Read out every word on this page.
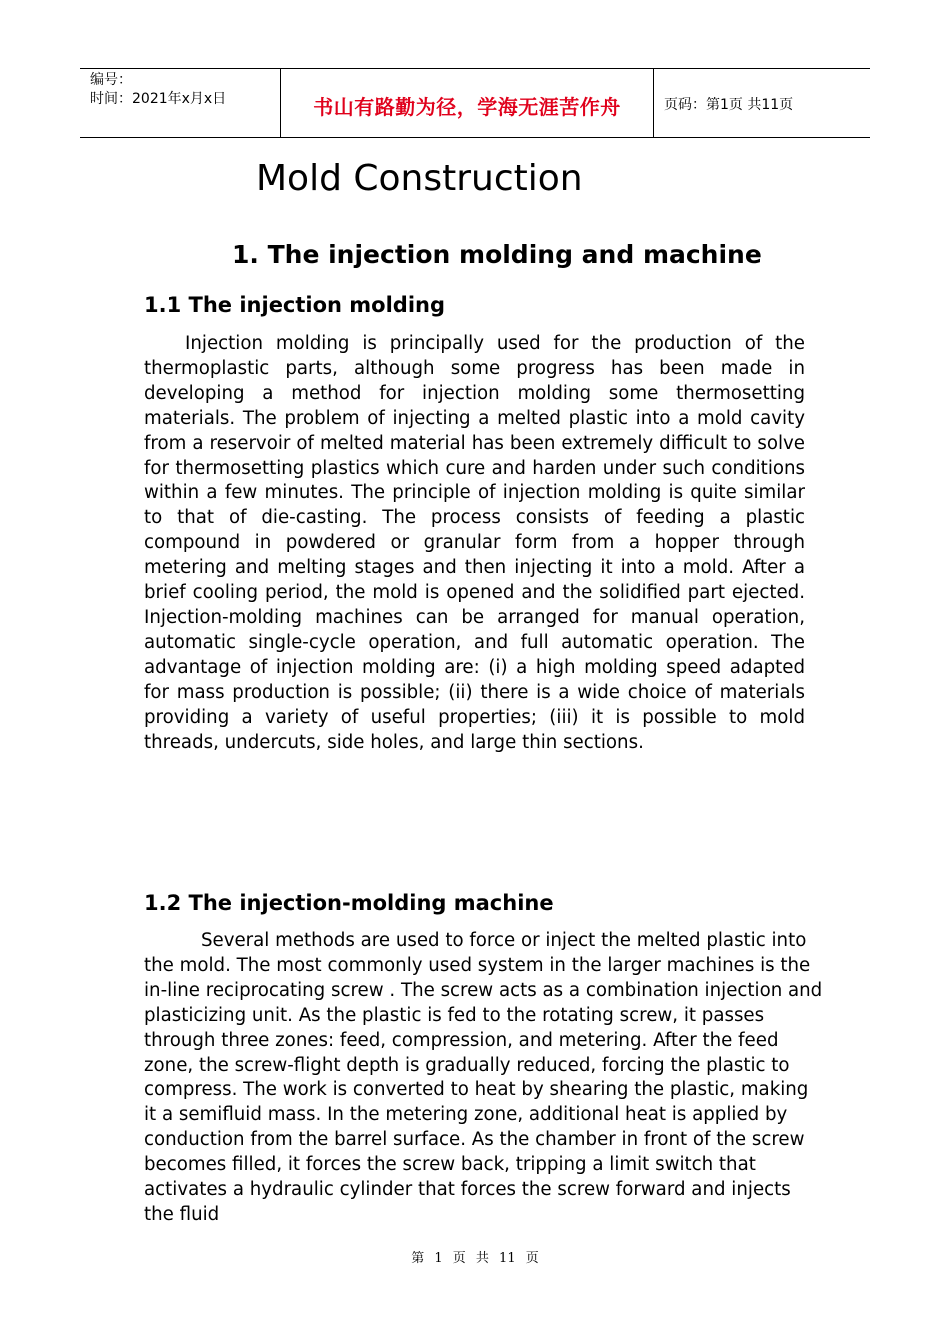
编号：
时间：2021年x月x日	书山有路勤为径，学海无涯苦作舟	页码：第1页 共11页
Mold Construction
1. The injection molding and machine
1.1 The injection molding

Injection molding is principally used for the production of the thermoplastic parts, although some progress has been made in developing a method for injection molding some thermosetting materials. The problem of injecting a melted plastic into a mold cavity from a reservoir of melted material has been extremely difficult to solve for thermosetting plastics which cure and harden under such conditions within a few minutes. The principle of injection molding is quite similar to that of die-casting. The process consists of feeding a plastic compound in powdered or granular form from a hopper through metering and melting stages and then injecting it into a mold. After a brief cooling period, the mold is opened and the solidified part ejected. Injection-molding machines can be arranged for manual operation, automatic single-cycle operation, and full automatic operation. The advantage of injection molding are: (i) a high molding speed adapted for mass production is possible; (ii) there is a wide choice of materials providing a variety of useful properties; (iii) it is possible to mold threads, undercuts, side holes, and large thin sections.

1.2 The injection-molding machine

Several methods are used to force or inject the melted plastic into the mold. The most commonly used system in the larger machines is the in-line reciprocating screw . The screw acts as a combination injection and plasticizing unit. As the plastic is fed to the rotating screw, it passes through three zones: feed, compression, and metering. After the feed zone, the screw-flight depth is gradually reduced, forcing the plastic to compress. The work is converted to heat by shearing the plastic, making it a semifluid mass. In the metering zone, additional heat is applied by conduction from the barrel surface. As the chamber in front of the screw becomes filled, it forces the screw back, tripping a limit switch that activates a hydraulic cylinder that forces the screw forward and injects the fluid

第 1 页 共 11 页
